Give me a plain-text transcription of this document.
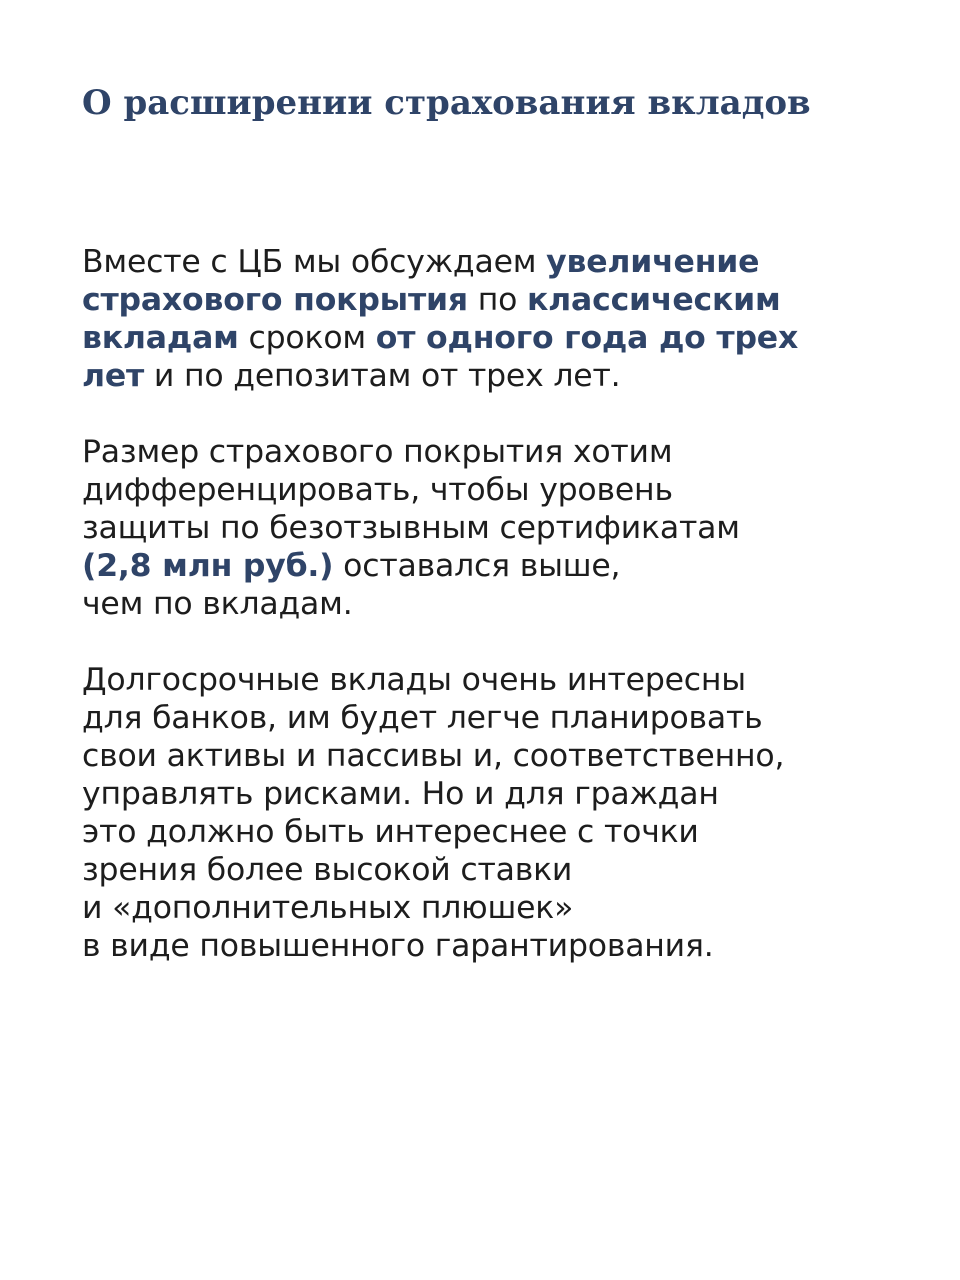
О расширении страхования вкладов
Вместе с ЦБ мы обсуждаем увеличение
страхового покрытия по классическим
вкладам сроком от одного года до трех
лет и по депозитам от трех лет.
Размер страхового покрытия хотим
дифференцировать, чтобы уровень
защиты по безотзывным сертификатам
(2,8 млн руб.) оставался выше,
чем по вкладам.
Долгосрочные вклады очень интересны
для банков, им будет легче планировать
свои активы и пассивы и, соответственно,
управлять рисками. Но и для граждан
это должно быть интереснее с точки
зрения более высокой ставки
и «дополнительных плюшек»
в виде повышенного гарантирования.
